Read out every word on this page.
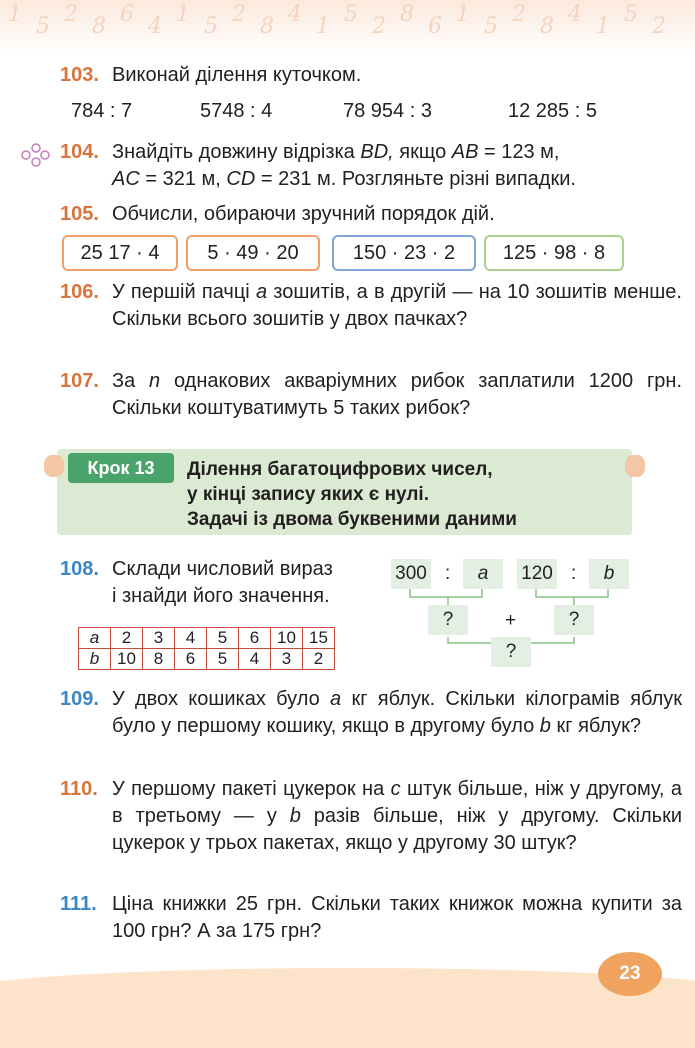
1 5 2 8 6 4 1 5 2 8 4 1 5 2 8 6 1 5 2 8 4 1 5 2
103. Виконай ділення куточком.
784 : 7	5748 : 4	78 954 : 3	12 285 : 5
104. Знайдіть довжину відрізка BD, якщо AB = 123 м,
AC = 321 м, CD = 231 м. Розгляньте різні випадки.
105. Обчисли, обираючи зручний порядок дій.
25 17 · 4	5 · 49 · 20	150 · 23 · 2	125 · 98 · 8
106. У першій пачці a зошитів, а в другій — на 10 зошитів менше. Скільки всього зошитів у двох пачках?
107. За n однакових акваріумних рибок заплатили 1200 грн. Скільки коштуватимуть 5 таких рибок?
Крок 13	Ділення багатоцифрових чисел,
у кінці запису яких є нулі.
Задачі із двома буквеними даними
108. Склади числовий вираз
і знайди його значення.
a	2	3	4	5	6	10	15
b	10	8	6	5	4	3	2
300 :	a	120 :	b
?	+	?
?
109. У двох кошиках було a кг яблук. Скільки кілограмів яблук було у першому кошику, якщо в другому було b кг яблук?
110. У першому пакеті цукерок на c штук більше, ніж у другому, а в третьому — у b разів більше, ніж у другому. Скільки цукерок у трьох пакетах, якщо у другому 30 штук?
111. Ціна книжки 25 грн. Скільки таких книжок можна купити за 100 грн? А за 175 грн?
23
